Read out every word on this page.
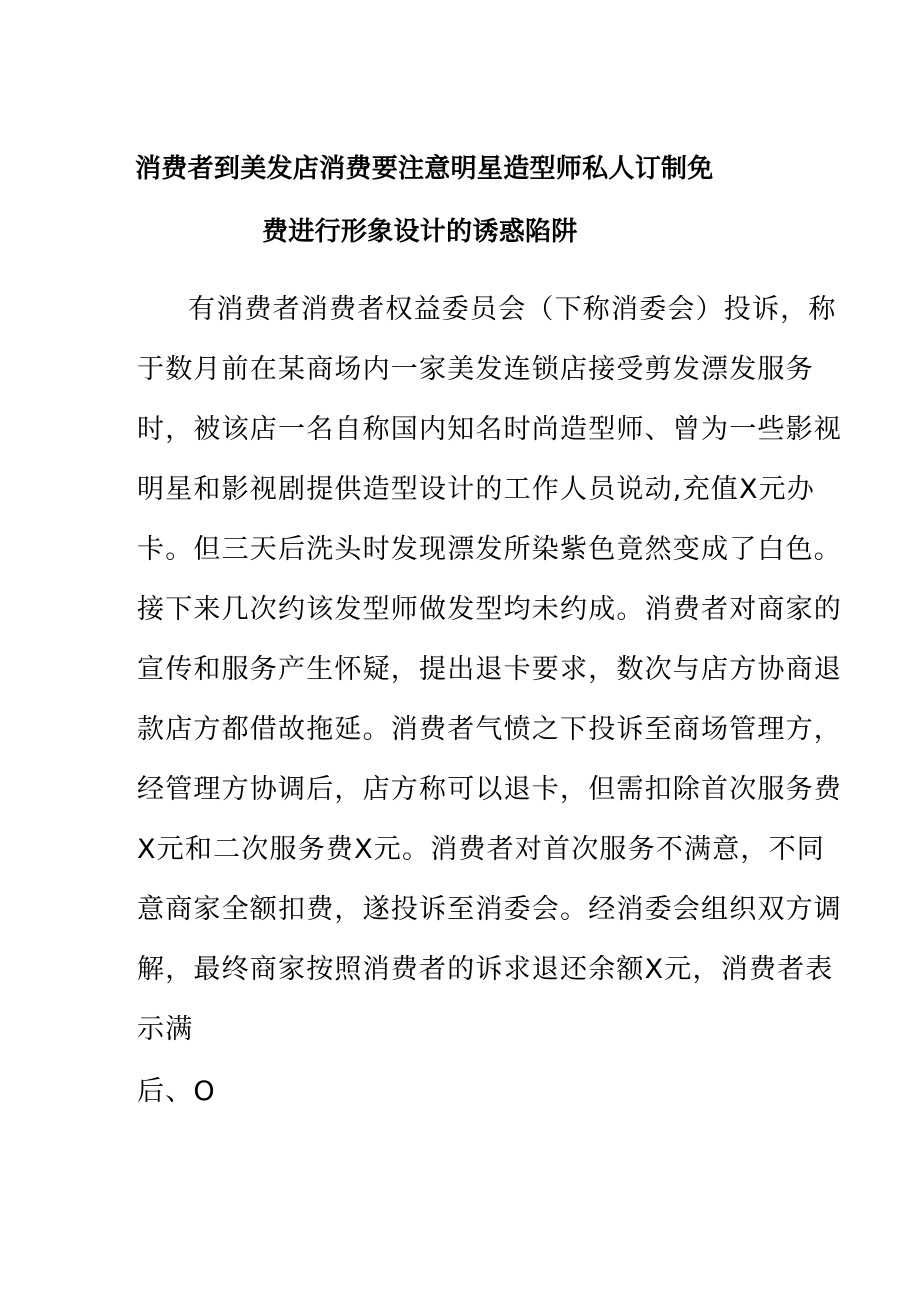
消费者到美发店消费要注意明星造型师私人订制免
费进行形象设计的诱惑陷阱
有消费者消费者权益委员会（下称消委会）投诉，称
于数月前在某商场内一家美发连锁店接受剪发漂发服务
时，被该店一名自称国内知名时尚造型师、曾为一些影视
明星和影视剧提供造型设计的工作人员说动,充值X元办
卡。但三天后洗头时发现漂发所染紫色竟然变成了白色。
接下来几次约该发型师做发型均未约成。消费者对商家的
宣传和服务产生怀疑，提出退卡要求，数次与店方协商退
款店方都借故拖延。消费者气愤之下投诉至商场管理方，
经管理方协调后，店方称可以退卡，但需扣除首次服务费
X元和二次服务费X元。消费者对首次服务不满意，不同
意商家全额扣费，遂投诉至消委会。经消委会组织双方调
解，最终商家按照消费者的诉求退还余额X元，消费者表
示满
后、O
